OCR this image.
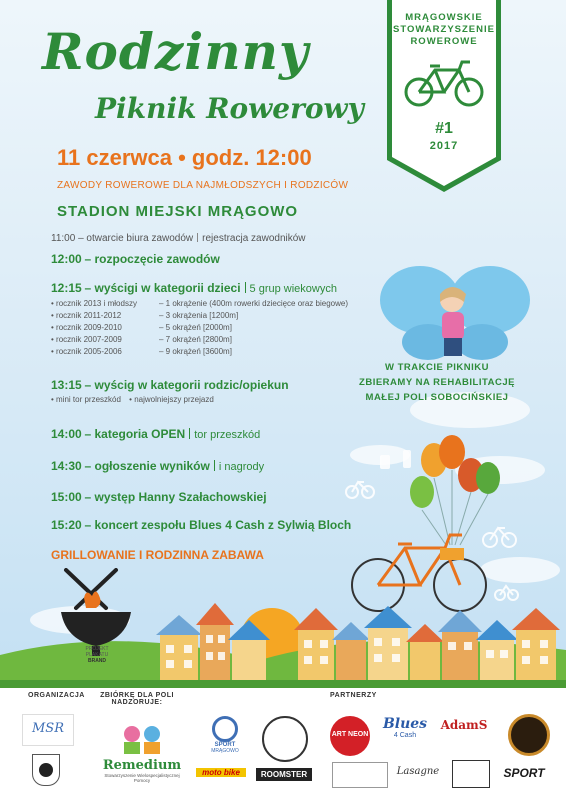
MRĄGOWSKIE
STOWARZYSZENIE
ROWEROWE
#1
2017
Rodzinny
Piknik Rowerowy
11 czerwca • godz. 12:00
ZAWODY ROWEROWE DLA NAJMŁODSZYCH I RODZICÓW
STADION MIEJSKI MRĄGOWO
11:00 – otwarcie biura zawodów rejestracja zawodników
12:00 – rozpoczęcie zawodów
12:15 – wyścigi w kategorii dzieci 5 grup wiekowych
• rocznik 2013 i młodszy	– 1 okrążenie (400m rowerki dziecięce oraz biegowe)
• rocznik 2011-2012	– 3 okrążenia [1200m]
• rocznik 2009-2010	– 5 okrążeń [2000m]
• rocznik 2007-2009	– 7 okrążeń [2800m]
• rocznik 2005-2006	– 9 okrążeń [3600m]
13:15 – wyścig w kategorii rodzic/opiekun
• mini tor przeszkód • najwolniejszy przejazd
14:00 – kategoria OPEN tor przeszkód
14:30 – ogłoszenie wyników i nagrody
15:00 – występ Hanny Szałachowskiej
15:20 – koncert zespołu Blues 4 Cash z Sylwią Bloch
GRILLOWANIE I RODZINNA ZABAWA
W TRAKCIE PIKNIKU
ZBIERAMY NA REHABILITACJĘ
MAŁEJ POLI SOBOCIŃSKIEJ
PROJEKT
PLAKATU
BRAND
ORGANIZACJA	ZBIÓRKĘ DLA POLI
NADZORUJE:
PARTNERZY
MSR
Remedium
Stowarzyszenie Wielospecjalistycznej Pomocy
SPORT
MRĄGOWO
ART NEON
Blues
4 Cash
AdamS
moto bike	ROOMSTER	Lasagne	SPORT
